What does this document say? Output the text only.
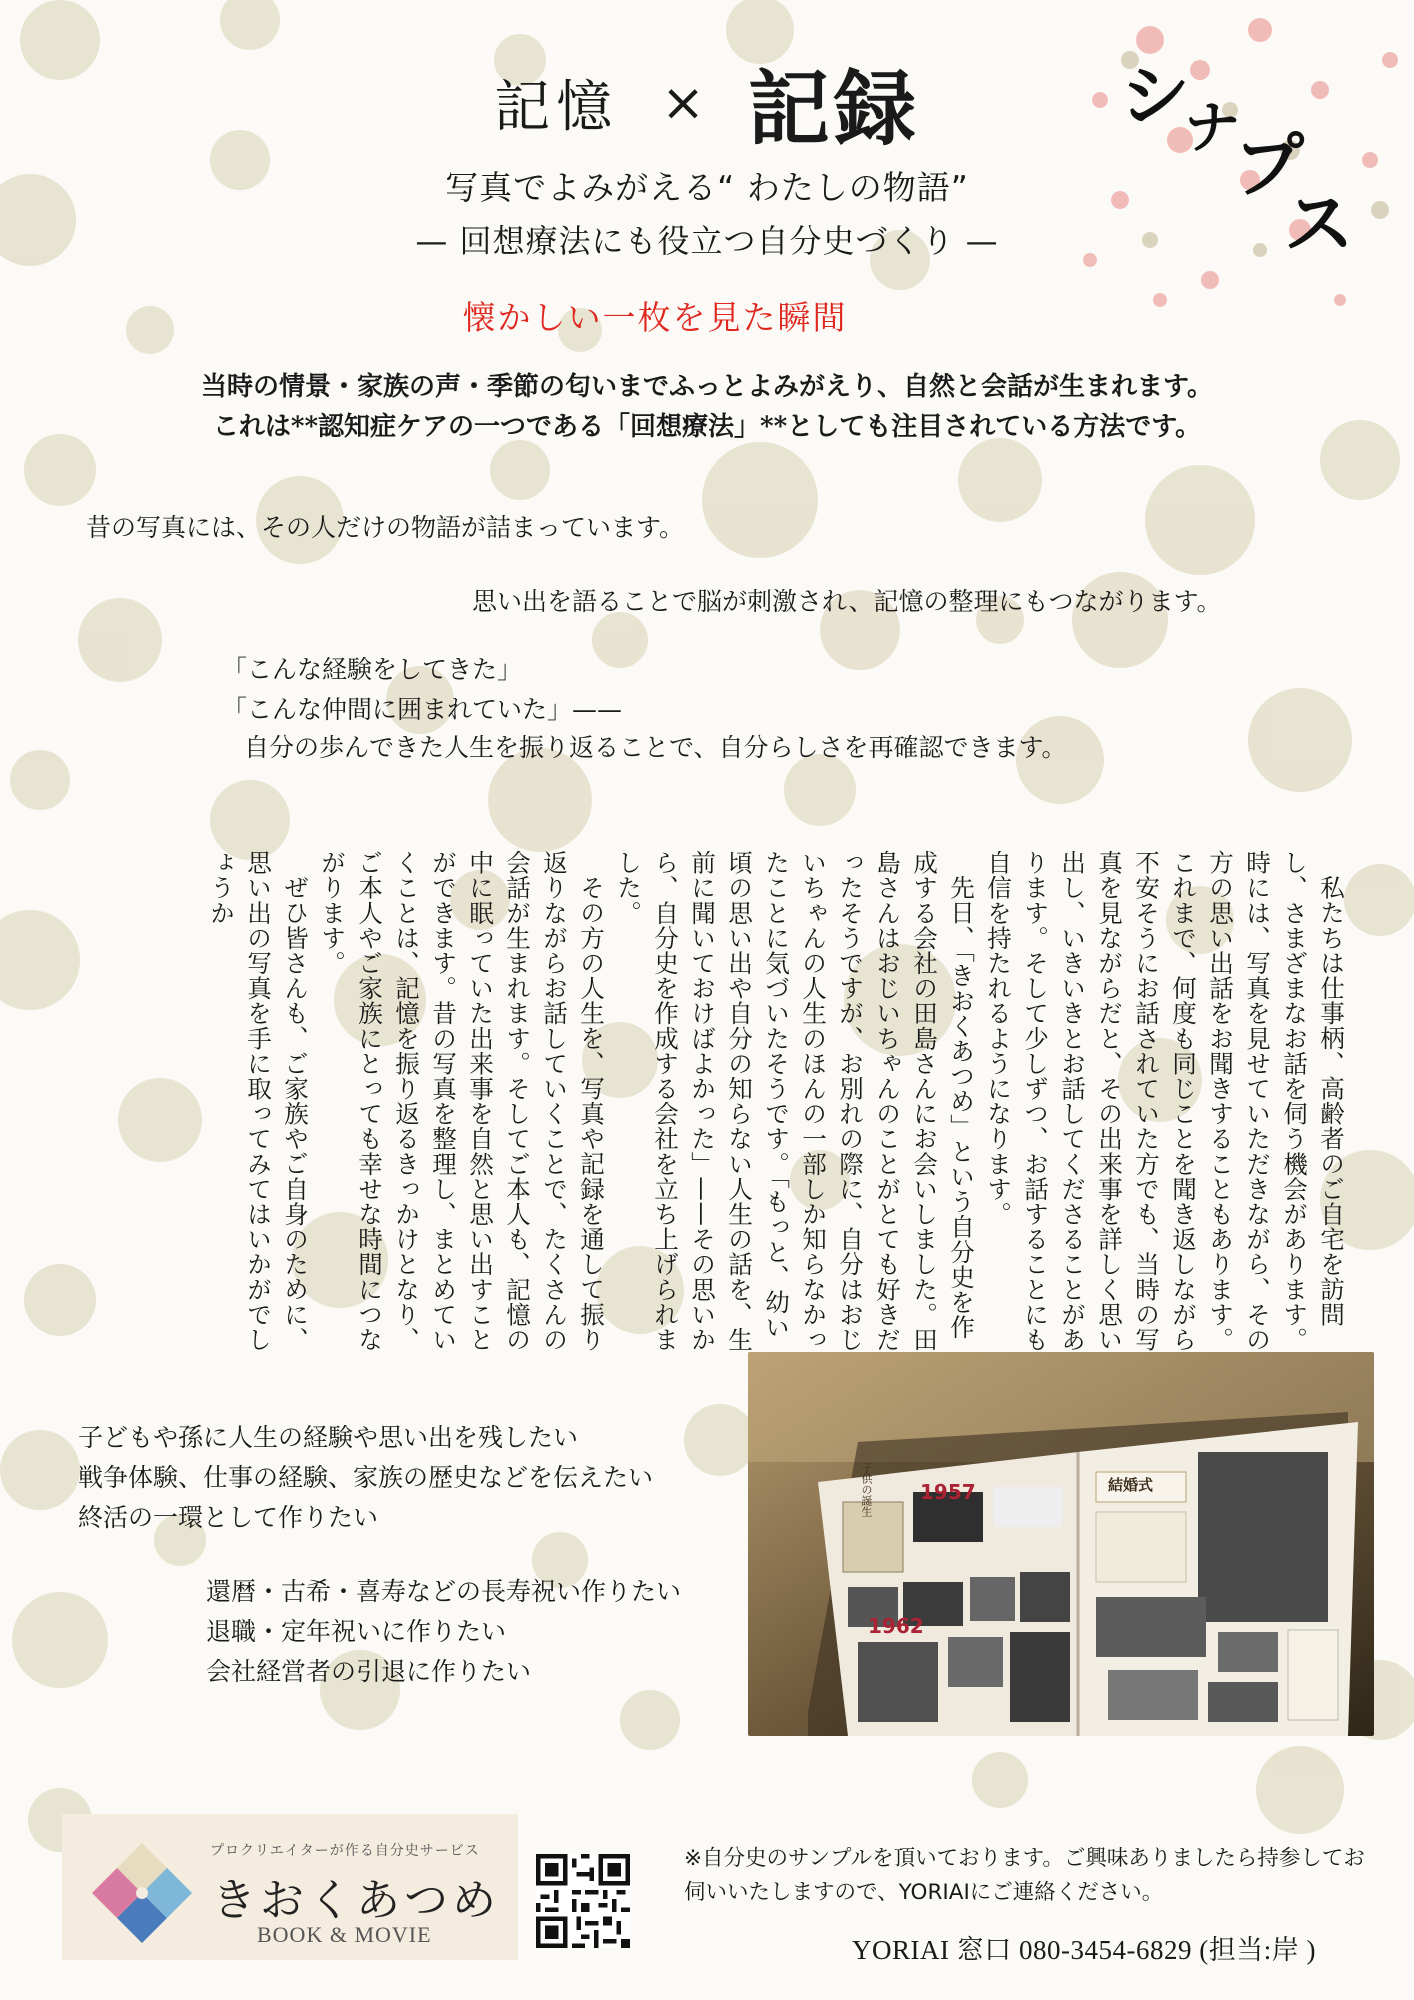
記憶 × 記録	シ
ナ
プ
ス
写真でよみがえる“ わたしの物語”
— 回想療法にも役立つ自分史づくり —
懐かしい一枚を見た瞬間
当時の情景・家族の声・季節の匂いまでふっとよみがえり、自然と会話が生まれます。
これは**認知症ケアの一つである「回想療法」**としても注目されている方法です。
昔の写真には、その人だけの物語が詰まっています。
思い出を語ることで脳が刺激され、記憶の整理にもつながります。
「こんな経験をしてきた」
「こんな仲間に囲まれていた」——
自分の歩んできた人生を振り返ることで、自分らしさを再確認できます。

私たちは仕事柄、高齢者のご自宅を訪問し、さまざまなお話を伺う機会があります。時には、写真を見せていただきながら、その方の思い出話をお聞きすることもあります。これまで、何度も同じことを聞き返しながら不安そうにお話されていた方でも、当時の写真を見ながらだと、その出来事を詳しく思い出し、いきいきとお話してくださることがあります。そして少しずつ、お話することにも自信を持たれるようになります。

先日、「きおくあつめ」という自分史を作成する会社の田島さんにお会いしました。田島さんはおじいちゃんのことがとても好きだったそうですが、お別れの際に、自分はおじいちゃんの人生のほんの一部しか知らなかったことに気づいたそうです。「もっと、幼い頃の思い出や自分の知らない人生の話を、生前に聞いておけばよかった」——その思いから、自分史を作成する会社を立ち上げられました。

その方の人生を、写真や記録を通して振り返りながらお話していくことで、たくさんの会話が生まれます。そしてご本人も、記憶の中に眠っていた出来事を自然と思い出すことができます。昔の写真を整理し、まとめていくことは、記憶を振り返るきっかけとなり、ご本人やご家族にとっても幸せな時間につながります。

ぜひ皆さんも、ご家族やご自身のために、思い出の写真を手に取ってみてはいかがでしょうか

1957
1962
子供の誕生	結婚式
子どもや孫に人生の経験や思い出を残したい
戦争体験、仕事の経験、家族の歴史などを伝えたい
終活の一環として作りたい
還暦・古希・喜寿などの長寿祝い作りたい
退職・定年祝いに作りたい
会社経営者の引退に作りたい
プロクリエイターが作る自分史サービス
きおくあつめ
BOOK & MOVIE
※自分史のサンプルを頂いております。ご興味ありましたら持参してお伺いいたしますので、YORIAIにご連絡ください。
YORIAI 窓口 080-3454-6829 (担当:岸 )
